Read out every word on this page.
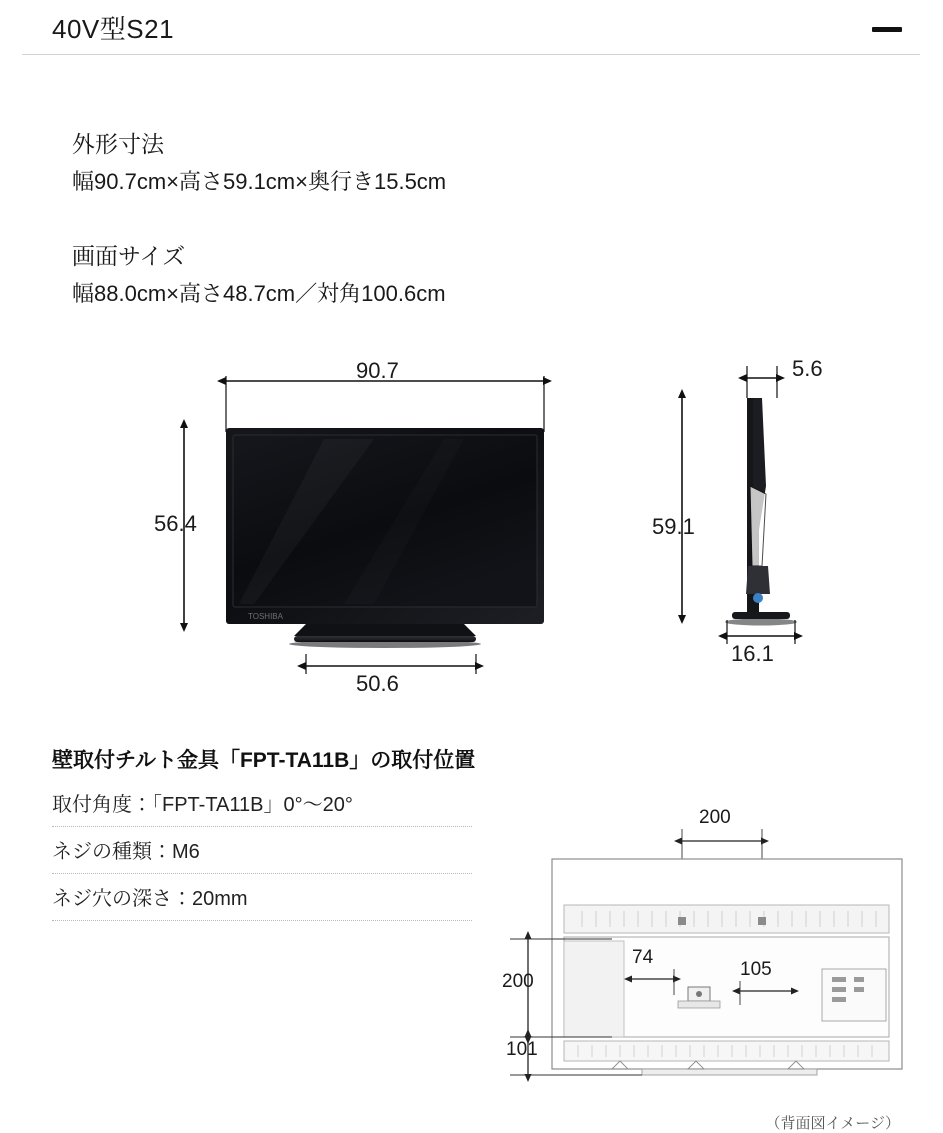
40V型S21

外形寸法

幅90.7cm×高さ59.1cm×奥行き15.5cm

画面サイズ

幅88.0cm×高さ48.7cm／対角100.6cm

TOSHIBA
90.7
56.4
50.6
5.6
59.1
16.1

壁取付チルト金具「FPT-TA11B」の取付位置

取付角度：「FPT-TA11B」0°〜20°
ネジの種類：M6
ネジ穴の深さ：20mm
200
200
101
74
105
（背面図イメージ）
